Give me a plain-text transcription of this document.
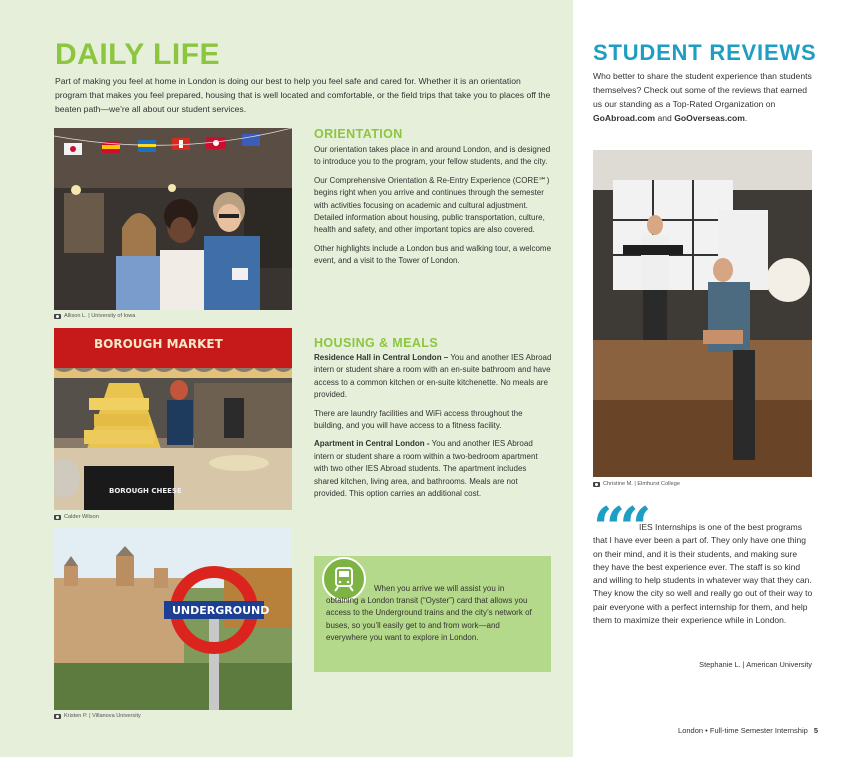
DAILY LIFE
Part of making you feel at home in London is doing our best to help you feel safe and cared for. Whether it is an orientation program that makes you feel prepared, housing that is well located and comfortable, or the field trips that take you to places off the beaten path—we’re all about our student services.
Allison L. | University of Iowa
BOROUGH MARKET
BOROUGH CHEESE
Calder Wilson
UNDERGROUND
Kristen P. | Villanova University
ORIENTATION

Our orientation takes place in and around London, and is designed to introduce you to the program, your fellow students, and the city.

Our Comprehensive Orientation & Re-Entry Experience (CORE℠) begins right when you arrive and continues through the semester with activities focusing on academic and cultural adjustment. Detailed information about housing, public transportation, culture, health and safety, and other important topics are also covered.

Other highlights include a London bus and walking tour, a welcome event, and a visit to the Tower of London.

HOUSING & MEALS

Residence Hall in Central London – You and another IES Abroad intern or student share a room with an en-suite bathroom and have access to a common kitchen or en-suite kitchenette. No meals are provided.

There are laundry facilities and WiFi access throughout the building, and you will have access to a fitness facility.

Apartment in Central London - You and another IES Abroad intern or student share a room within a two-bedroom apartment with two other IES Abroad students. The apartment includes shared kitchen, living area, and bathrooms. Meals are not provided. This option carries an additional cost.

When you arrive we will assist you in obtaining a London transit (“Oyster”) card that allows you access to the Underground trains and the city’s network of buses, so you’ll easily get to and from work—and everywhere you want to explore in London.
STUDENT REVIEWS
Who better to share the student experience than students themselves? Check out some of the reviews that earned us our standing as a Top-Rated Organization on GoAbroad.com and GoOverseas.com.
Christine M. | Elmhurst College
““
IES Internships is one of the best programs that I have ever been a part of. They only have one thing on their mind, and it is their students, and making sure they have the best experience ever. The staff is so kind and willing to help students in whatever way that they can. They know the city so well and really go out of their way to pair everyone with a perfect internship for them, and help them to maximize their experience while in London.
Stephanie L. | American University
London • Full-time Semester Internship 5
